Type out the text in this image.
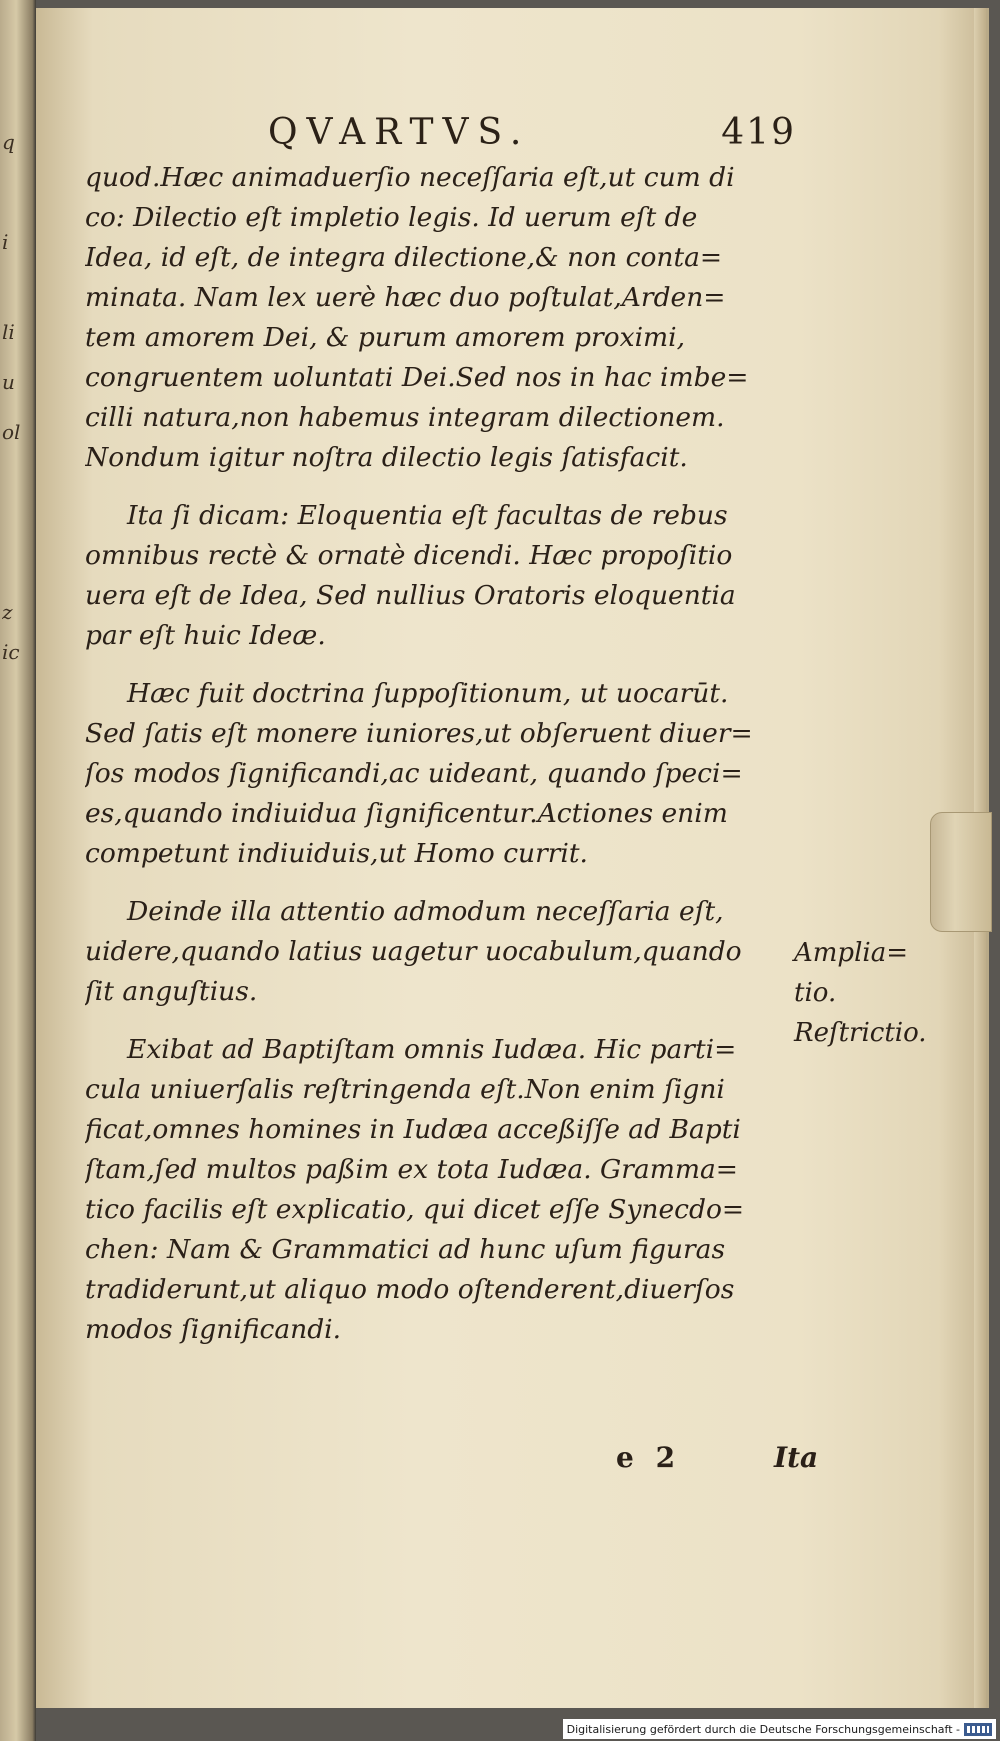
q
i
li
u
ol
z
ic
QVARTVS.	419
quod.Hæc animaduerſio neceſſaria eſt,ut cum di
co: Dilectio eſt impletio legis. Id uerum eſt de
Idea, id eſt, de integra dilectione,& non conta=
minata. Nam lex uerè hæc duo poſtulat,Arden=
tem amorem Dei, & purum amorem proximi,
congruentem uoluntati Dei.Sed nos in hac imbe=
cilli natura,non habemus integram dilectionem.
Nondum igitur noſtra dilectio legis ſatisfacit.
Ita ſi dicam: Eloquentia eſt facultas de rebus
omnibus rectè & ornatè dicendi. Hæc propoſitio
uera eſt de Idea, Sed nullius Oratoris eloquentia
par eſt huic Ideæ.
Hæc fuit doctrina ſuppoſitionum, ut uocarūt.
Sed ſatis eſt monere iuniores,ut obſeruent diuer=
ſos modos ſignificandi,ac uideant, quando ſpeci=
es,quando indiuidua ſignificentur.Actiones enim
competunt indiuiduis,ut Homo currit.
Deinde illa attentio admodum neceſſaria eſt,
uidere,quando latius uagetur uocabulum,quando
ſit anguſtius.
Exibat ad Baptiſtam omnis Iudæa. Hic parti=
cula uniuerſalis reſtringenda eſt.Non enim ſigni
ficat,omnes homines in Iudæa acceßiſſe ad Bapti
ſtam,ſed multos paßim ex tota Iudæa. Gramma=
tico facilis eſt explicatio, qui dicet eſſe Synecdo=
chen: Nam & Grammatici ad hunc uſum figuras
tradiderunt,ut aliquo modo oſtenderent,diuerſos
modos ſignificandi.
Amplia=
tio.
Reſtrictio.
e 2	Ita
Digitalisierung gefördert durch die Deutsche Forschungsgemeinschaft -
